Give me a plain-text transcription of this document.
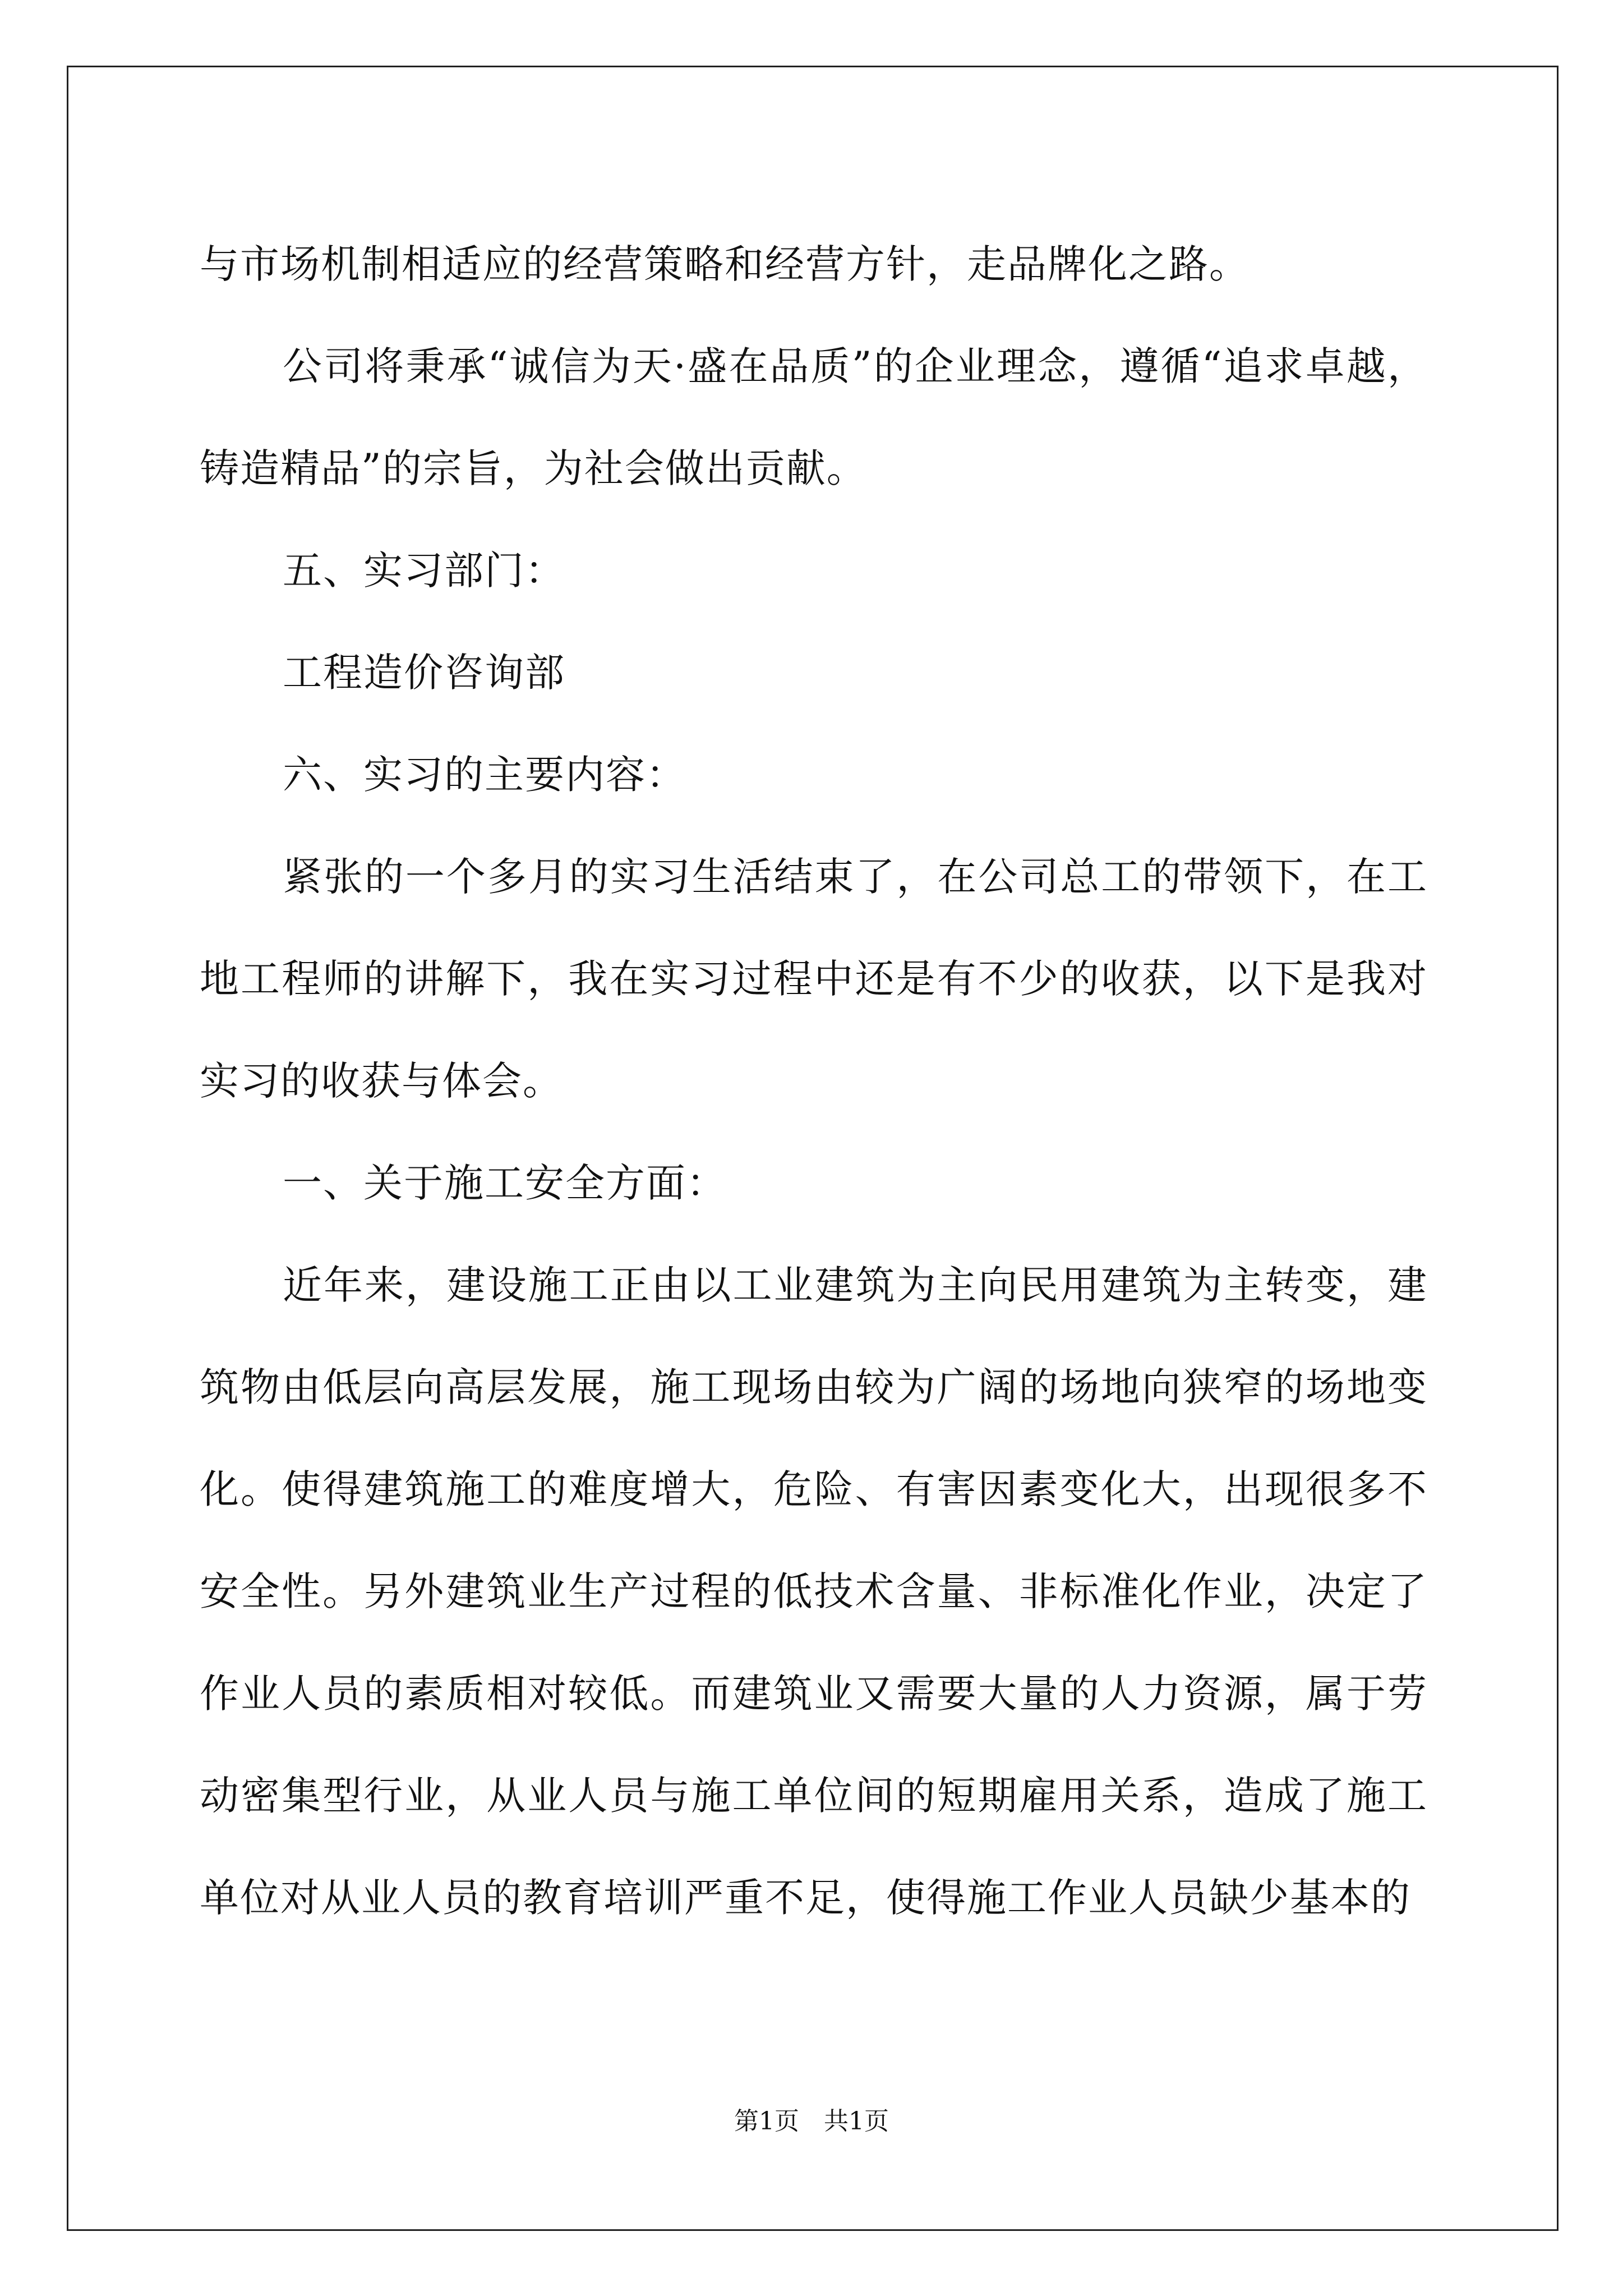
与市场机制相适应的经营策略和经营方针，走品牌化之路。

公司将秉承“诚信为天·盛在品质”的企业理念，遵循“追求卓越，铸造精品”的宗旨，为社会做出贡献。

五、实习部门：

工程造价咨询部

六、实习的主要内容：

紧张的一个多月的实习生活结束了，在公司总工的带领下，在工地工程师的讲解下，我在实习过程中还是有不少的收获，以下是我对实习的收获与体会。

一、关于施工安全方面：

近年来，建设施工正由以工业建筑为主向民用建筑为主转变，建筑物由低层向高层发展，施工现场由较为广阔的场地向狭窄的场地变化。使得建筑施工的难度增大，危险、有害因素变化大，出现很多不安全性。另外建筑业生产过程的低技术含量、非标准化作业，决定了作业人员的素质相对较低。而建筑业又需要大量的人力资源，属于劳动密集型行业，从业人员与施工单位间的短期雇用关系，造成了施工单位对从业人员的教育培训严重不足，使得施工作业人员缺少基本的

第1页　共1页
